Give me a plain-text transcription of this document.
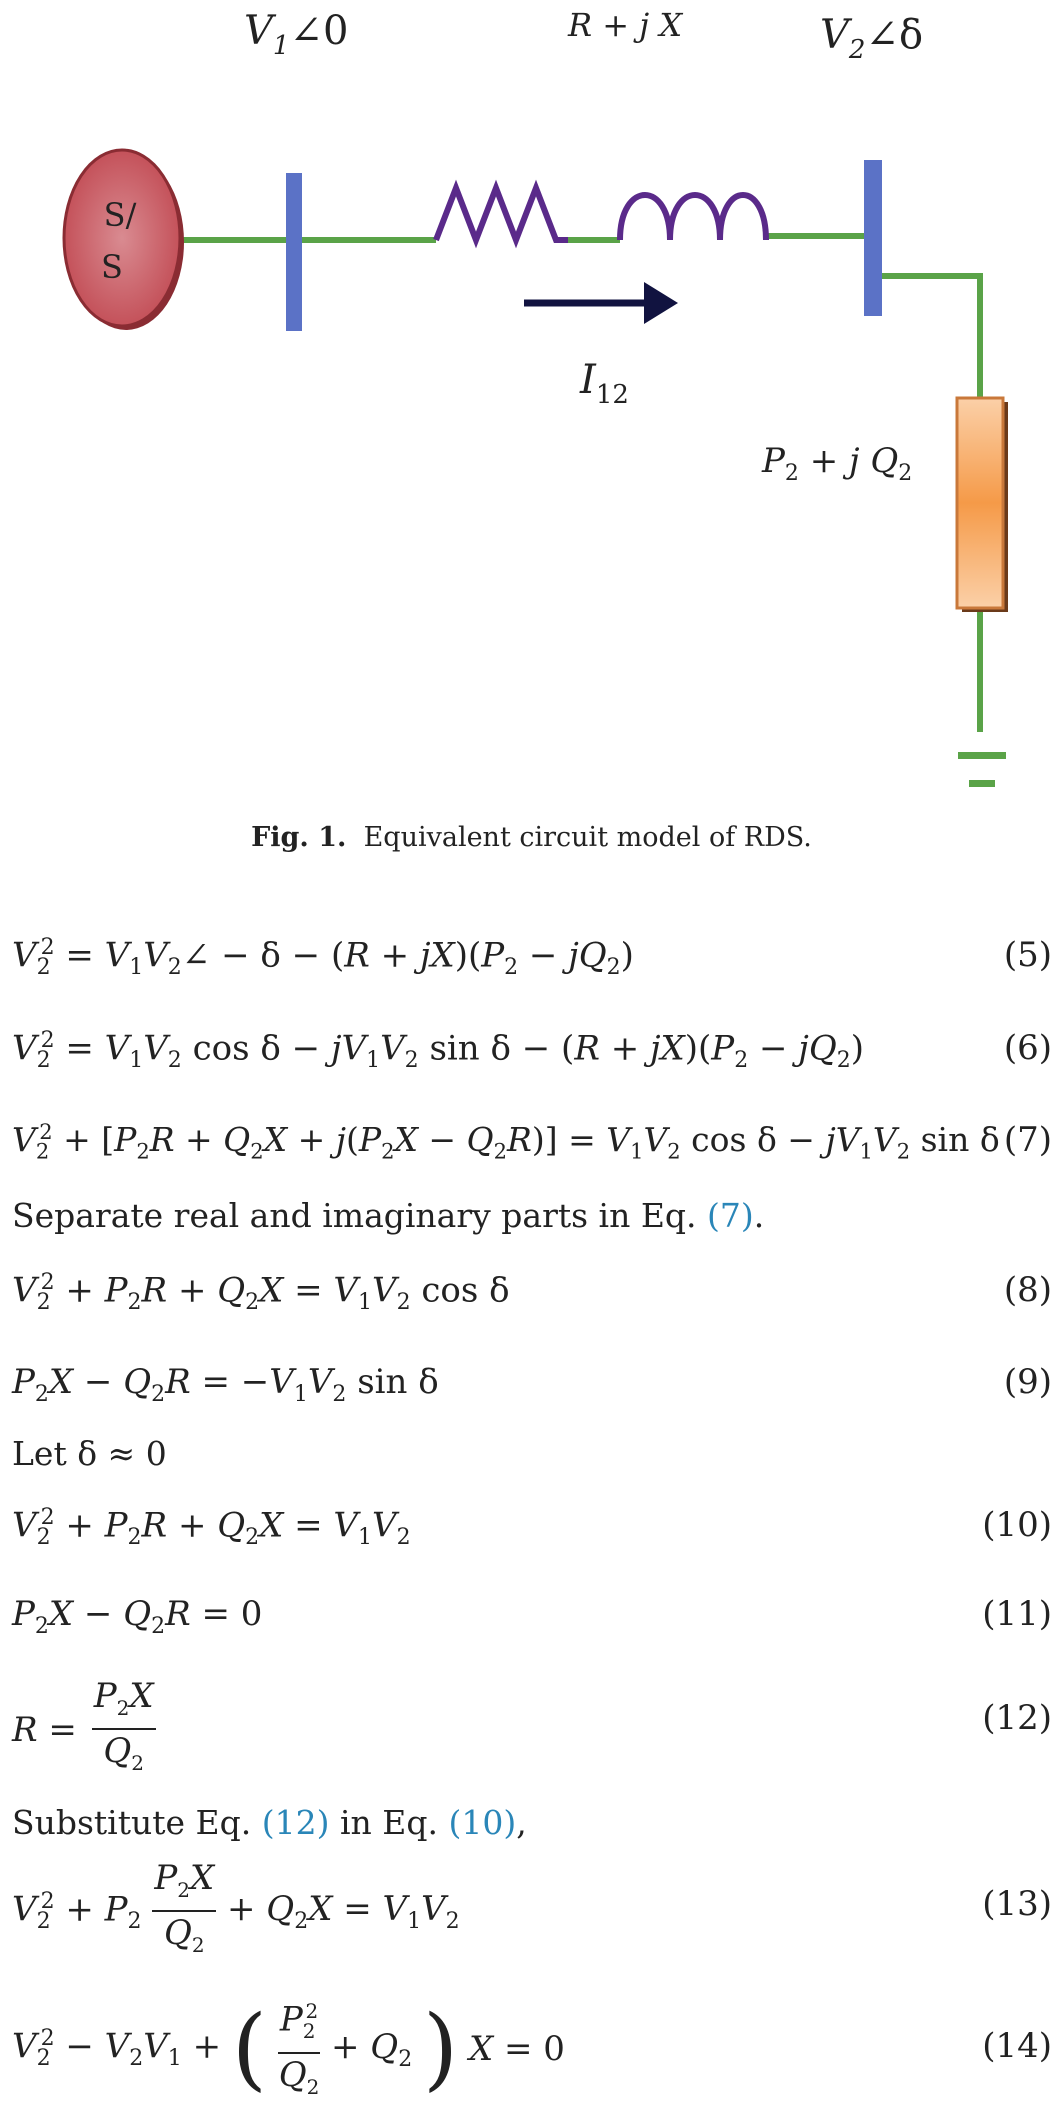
S/
S
$V_1\angle 0$	R + j X	$V_2\angle\delta$
$I_{12}$
$P_2 + j$ $Q_2$
Fig. 1. Equivalent circuit model of RDS.
$V_2^2$ = $V_1V_2\angle - \delta - (R + jX)(P_2 - jQ_2)$	(5)
$V_2^2 = V_1V_2$ $\cos \delta - jV_1V_2$ $\sin \delta - (R + jX)(P_2 - jQ_2)$	(6)
$V_2^2 + [P_2R + Q_2X + j(P_2X - Q_2R)] = V_1V_2$ $\cos \delta - jV_1V_2$ sin δ (7)
Separate real and imaginary parts in Eq. (7).
$V_2^2 + P_2R + Q_2X = V_1V_2$ cos δ	(8)
$P_2X - Q_2R = -V_1V_2$ sin δ	(9)
Let δ ≈ 0
$V_2^2 + P_2R + Q_2X = V_1V_2$	(10)
$P_2X - Q_2R = 0$	(11)
$R = \frac{P_2X}{Q_2}$	(12)
Substitute Eq. (12) in Eq. (10),
$V_2^2 + P_2 \frac{P_2X}{Q_2} + Q_2X = V_1V_2$	(13)
$V_2^2 - V_2V_1$ + ( $\frac{P_2^2}{Q_2} + Q_2$ ) X = 0	(14)
